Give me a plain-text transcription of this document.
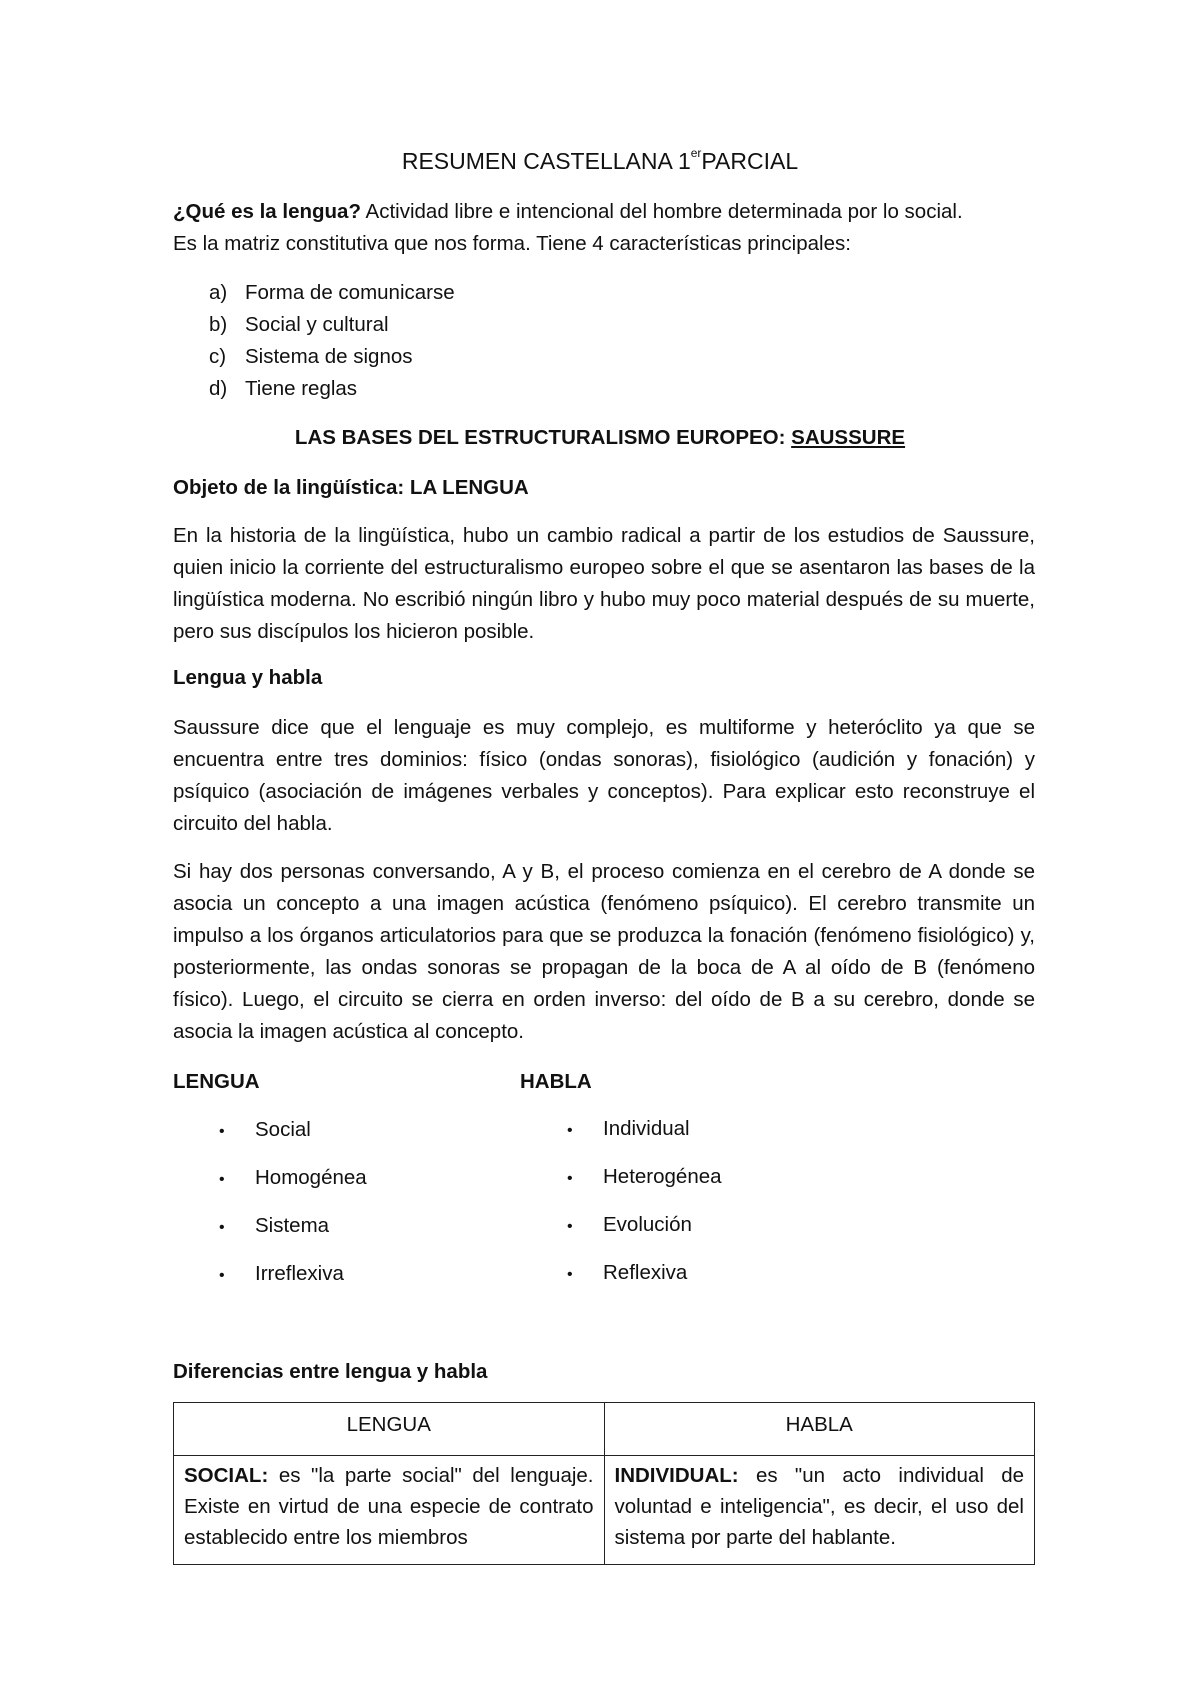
RESUMEN CASTELLANA 1erPARCIAL
¿Qué es la lengua? Actividad libre e intencional del hombre determinada por lo social.
Es la matriz constitutiva que nos forma. Tiene 4 características principales:
a) Forma de comunicarse
b) Social y cultural
c) Sistema de signos
d) Tiene reglas
LAS BASES DEL ESTRUCTURALISMO EUROPEO: SAUSSURE
Objeto de la lingüística: LA LENGUA
En la historia de la lingüística, hubo un cambio radical a partir de los estudios de Saussure, quien inicio la corriente del estructuralismo europeo sobre el que se asentaron las bases de la lingüística moderna. No escribió ningún libro y hubo muy poco material después de su muerte, pero sus discípulos los hicieron posible.
Lengua y habla
Saussure dice que el lenguaje es muy complejo, es multiforme y heteróclito ya que se encuentra entre tres dominios: físico (ondas sonoras), fisiológico (audición y fonación) y psíquico (asociación de imágenes verbales y conceptos). Para explicar esto reconstruye el circuito del habla.
Si hay dos personas conversando, A y B, el proceso comienza en el cerebro de A donde se asocia un concepto a una imagen acústica (fenómeno psíquico). El cerebro transmite un impulso a los órganos articulatorios para que se produzca la fonación (fenómeno fisiológico) y, posteriormente, las ondas sonoras se propagan de la boca de A al oído de B (fenómeno físico). Luego, el circuito se cierra en orden inverso: del oído de B a su cerebro, donde se asocia la imagen acústica al concepto.
LENGUA	HABLA
• Social
• Homogénea
• Sistema
• Irreflexiva
• Individual
• Heterogénea
• Evolución
• Reflexiva
Diferencias entre lengua y habla
LENGUA	HABLA
SOCIAL: es "la parte social" del lenguaje. Existe en virtud de una especie de contrato establecido entre los miembros	INDIVIDUAL: es "un acto individual de voluntad e inteligencia", es decir, el uso del sistema por parte del hablante.
